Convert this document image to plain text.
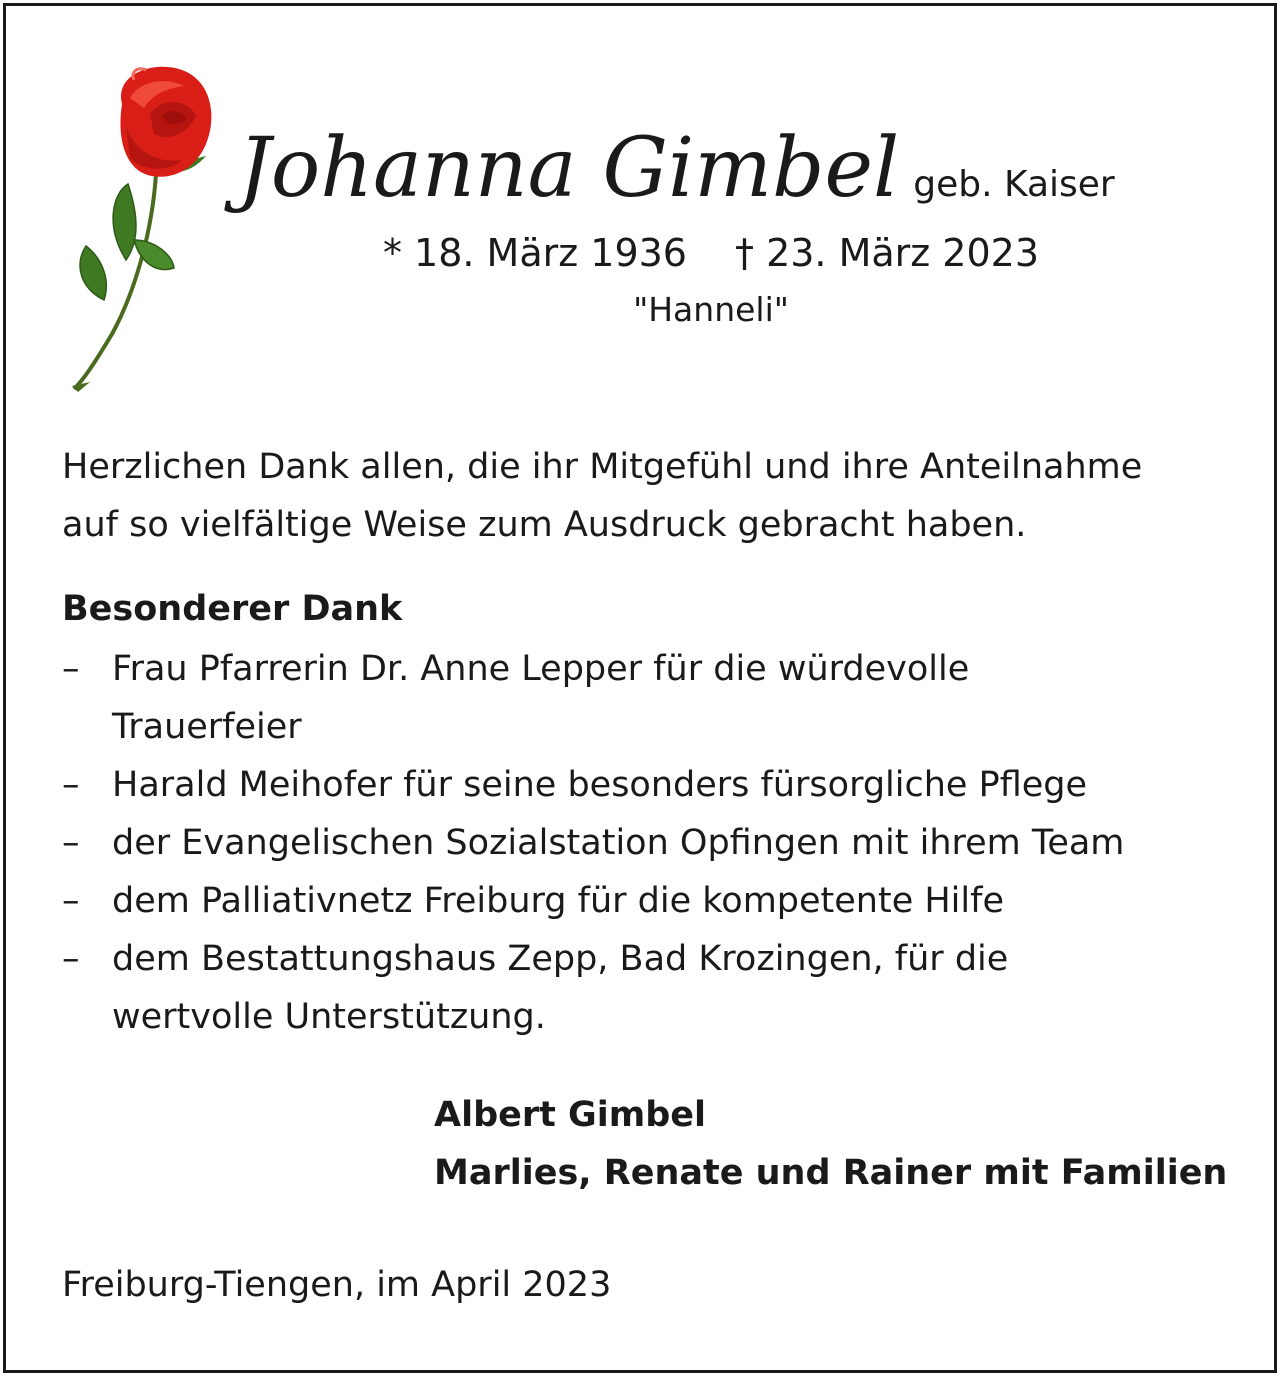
Johanna Gimbel geb. Kaiser
* 18. März 1936 † 23. März 2023
"Hanneli"
Herzlichen Dank allen, die ihr Mitgefühl und ihre Anteilnahme
auf so vielfältige Weise zum Ausdruck gebracht haben.
Besonderer Dank
– Frau Pfarrerin Dr. Anne Lepper für die würdevolle
Trauerfeier
– Harald Meihofer für seine besonders fürsorgliche Pflege
– der Evangelischen Sozialstation Opfingen mit ihrem Team
– dem Palliativnetz Freiburg für die kompetente Hilfe
– dem Bestattungshaus Zepp, Bad Krozingen, für die
wertvolle Unterstützung.
Albert Gimbel
Marlies, Renate und Rainer mit Familien
Freiburg-Tiengen, im April 2023
